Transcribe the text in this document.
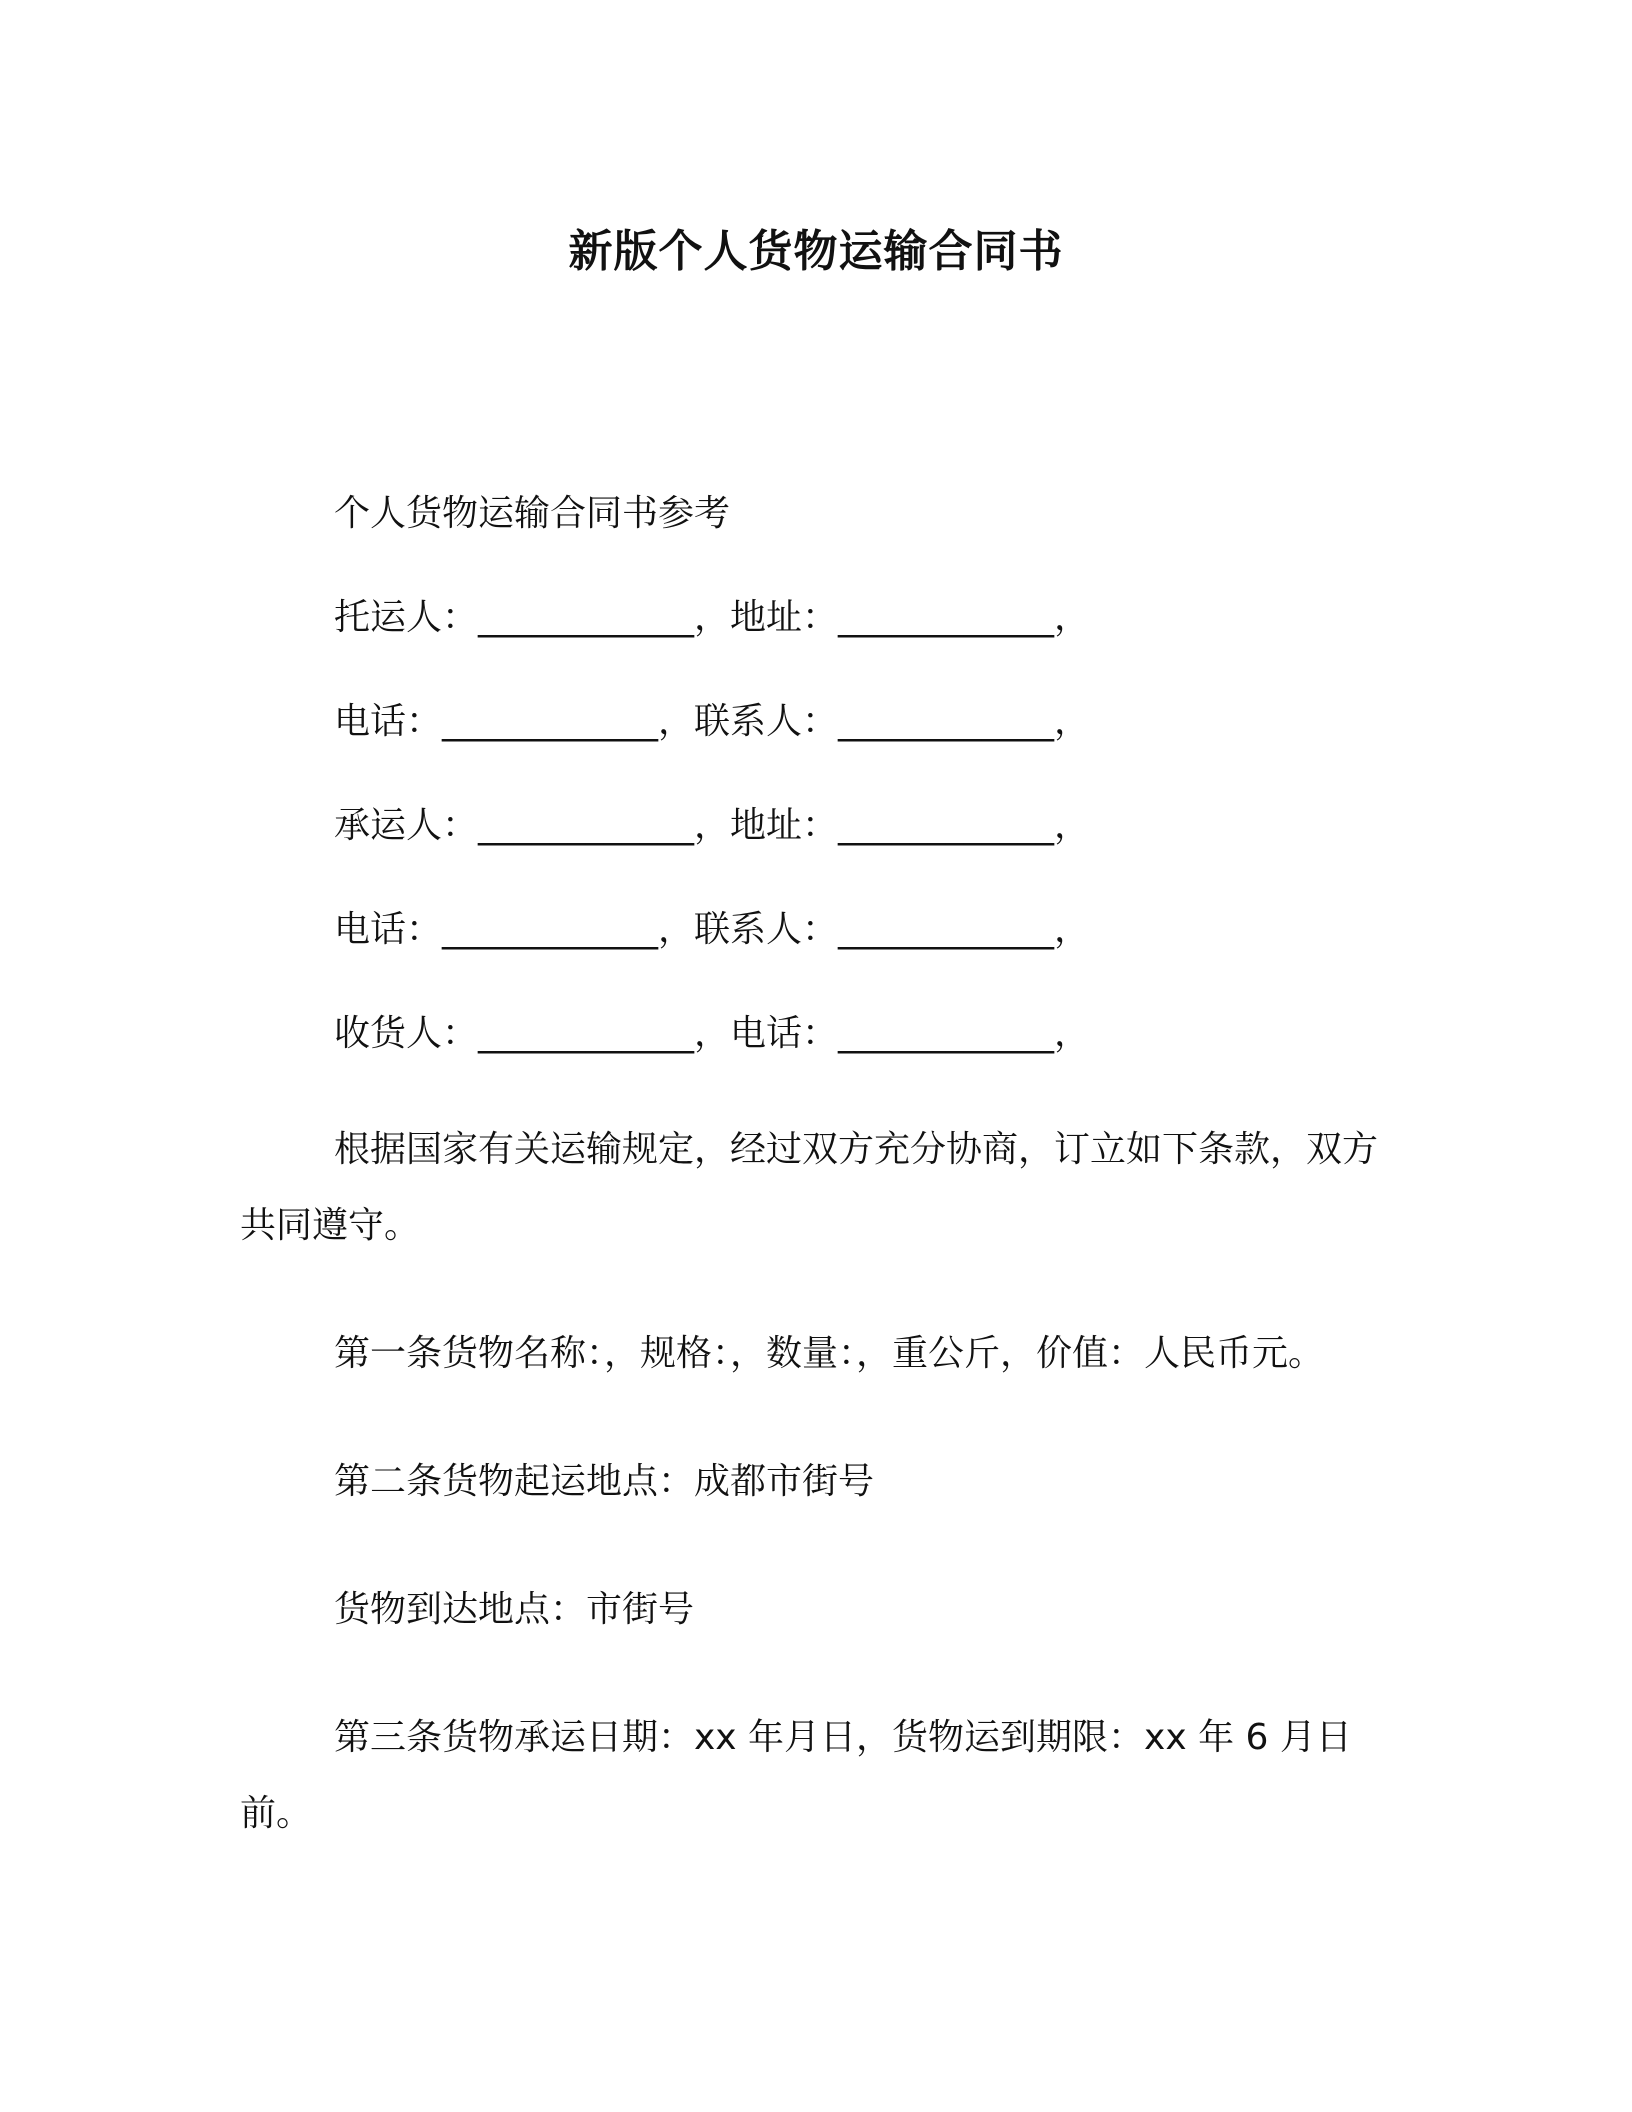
新版个人货物运输合同书

个人货物运输合同书参考

托运人：____________，地址：____________，

电话：____________，联系人：____________，

承运人：____________，地址：____________，

电话：____________，联系人：____________，

收货人：____________，电话：____________，

根据国家有关运输规定，经过双方充分协商，订立如下条款，双方共同遵守。

第一条货物名称：，规格：，数量：，重公斤，价值：人民币元。

第二条货物起运地点：成都市街号

货物到达地点：市街号

第三条货物承运日期：xx 年月日，货物运到期限：xx 年 6 月日前。
